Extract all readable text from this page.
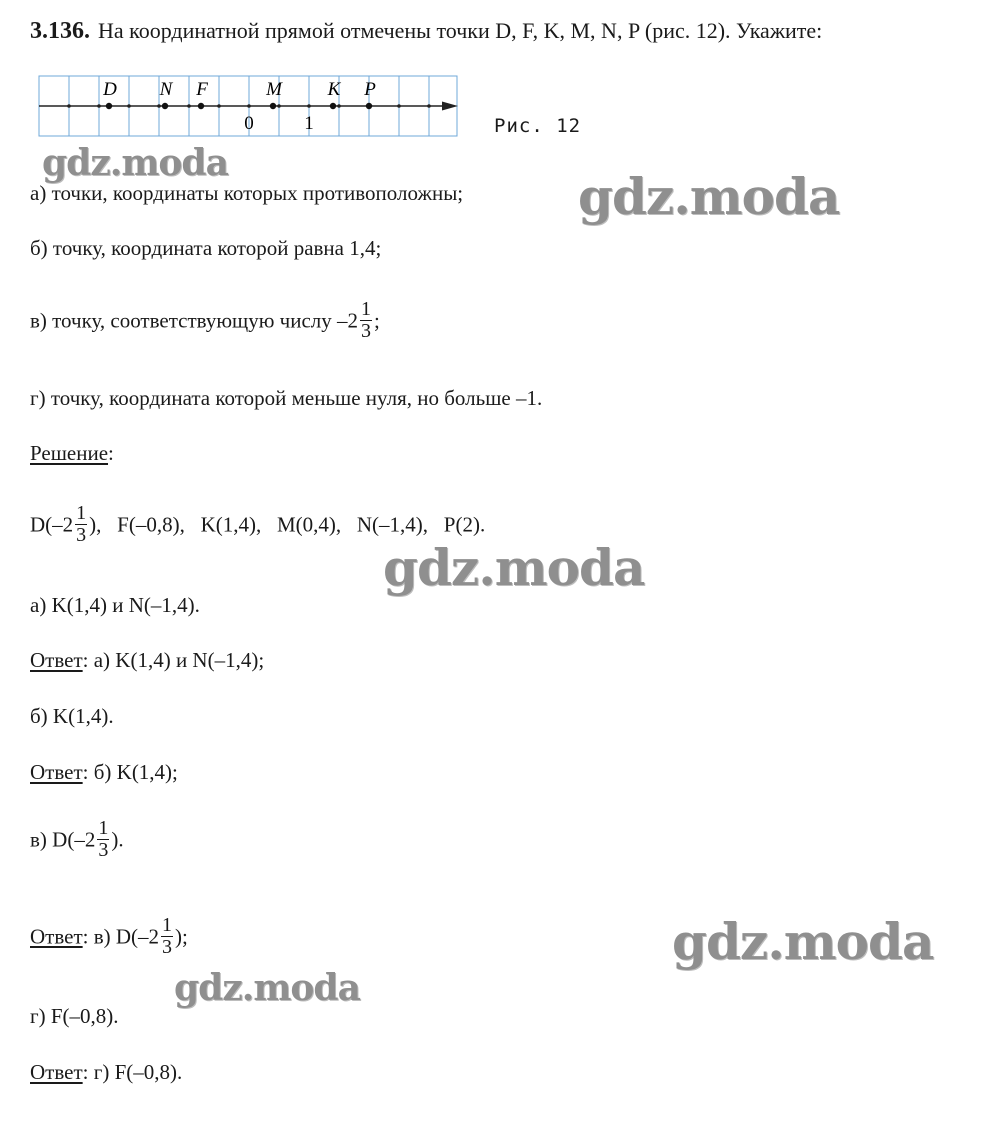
3.136. На координатной прямой отмечены точки D, F, K, M, N, P (рис. 12). Укажите:
D N F	M K P
0	1	Рис. 12
а) точки, координаты которых противоположны;
б) точку, координата которой равна 1,4;
в) точку, соответствующую числу $-2 \frac{1}{3}$ ;
г) точку, координата которой меньше нуля, но больше –1.
Решение:
$D(-2 \frac{1}{3}$ ),   F(–0,8),   K(1,4),   M(0,4),   N(–1,4),   P(2).
а) K(1,4) и N(–1,4).
Ответ: а) K(1,4) и N(–1,4);
б) K(1,4).
Ответ: б) K(1,4);
в) $D(-2 \frac{1}{3}$ ).
Ответ: в) $D(-2 \frac{1}{3}$ );
г) F(–0,8).
Ответ: г) F(–0,8).
gdz.moda
gdz.moda
gdz.moda
gdz.moda
gdz.moda
